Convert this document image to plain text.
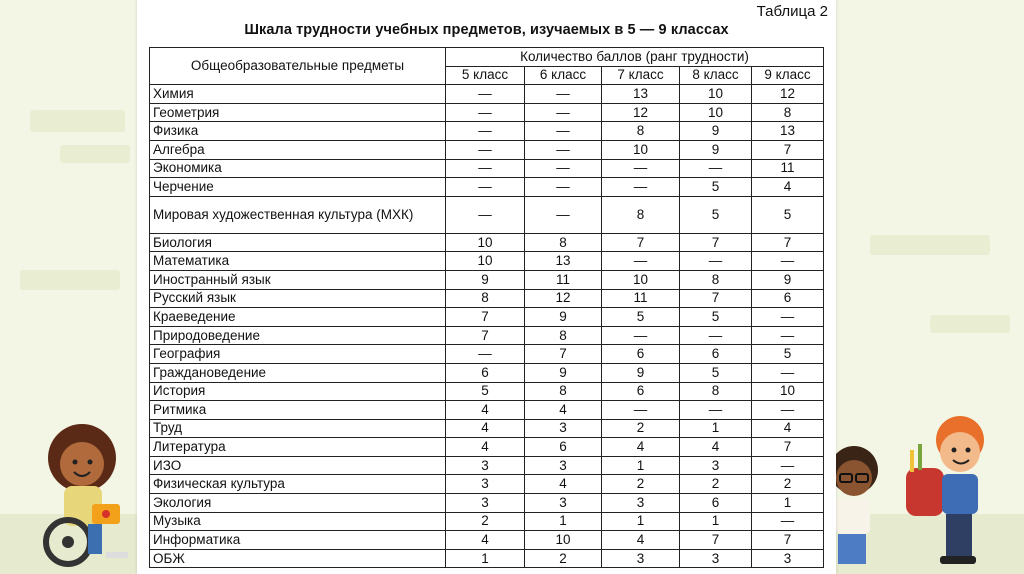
Таблица 2
Шкала трудности учебных предметов, изучаемых в 5 — 9 классах
Общеобразовательные предметы	Количество баллов (ранг трудности)				
	5 класс	6 класс	7 класс	8 класс	9 класс
Химия	—	—	13	10	12
Геометрия	—	—	12	10	8
Физика	—	—	8	9	13
Алгебра	—	—	10	9	7
Экономика	—	—	—	—	11
Черчение	—	—	—	5	4
Мировая художественная культура (МХК)	—	—	8	5	5
Биология	10	8	7	7	7
Математика	10	13	—	—	—
Иностранный язык	9	11	10	8	9
Русский язык	8	12	11	7	6
Краеведение	7	9	5	5	—
Природоведение	7	8	—	—	—
География	—	7	6	6	5
Граждановедение	6	9	9	5	—
История	5	8	6	8	10
Ритмика	4	4	—	—	—
Труд	4	3	2	1	4
Литература	4	6	4	4	7
ИЗО	3	3	1	3	—
Физическая культура	3	4	2	2	2
Экология	3	3	3	6	1
Музыка	2	1	1	1	—
Информатика	4	10	4	7	7
ОБЖ	1	2	3	3	3
